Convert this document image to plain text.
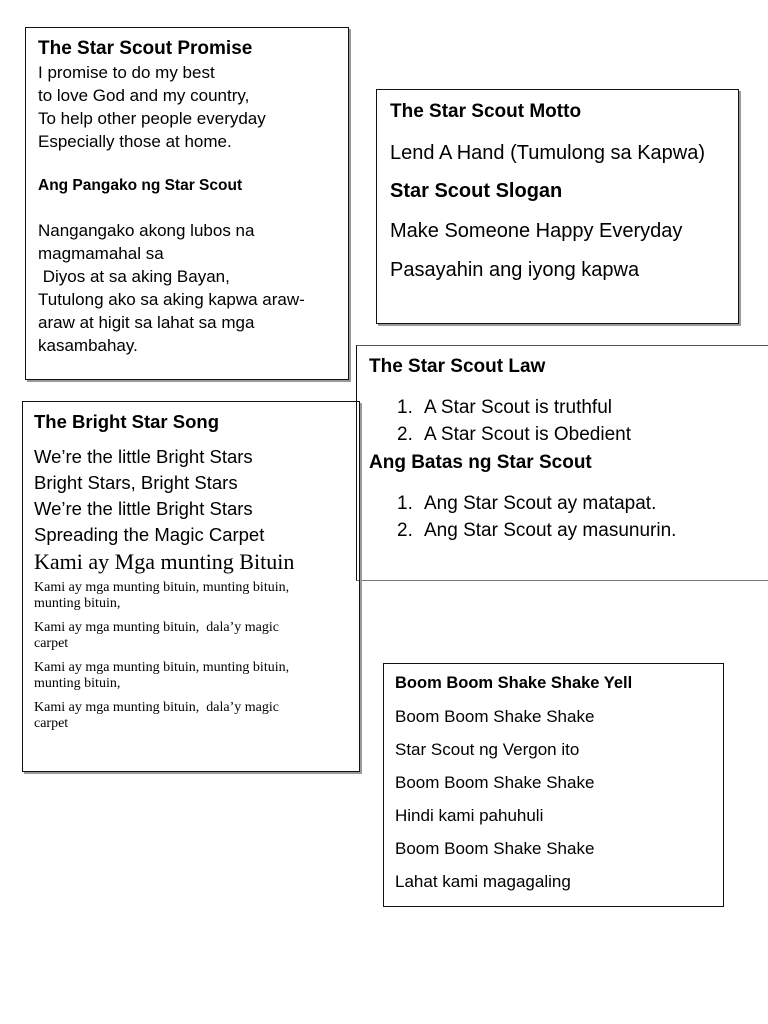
The Star Scout Promise
I promise to do my best
to love God and my country,
To help other people everyday
Especially those at home.
Ang Pangako ng Star Scout
Nangangako akong lubos na
magmamahal sa
Diyos at sa aking Bayan,
Tutulong ako sa aking kapwa araw-
araw at higit sa lahat sa mga
kasambahay.
The Star Scout Motto
Lend A Hand (Tumulong sa Kapwa)
Star Scout Slogan
Make Someone Happy Everyday
Pasayahin ang iyong kapwa
The Star Scout Law
1. A Star Scout is truthful
2. A Star Scout is Obedient
Ang Batas ng Star Scout
1. Ang Star Scout ay matapat.
2. Ang Star Scout ay masunurin.
The Bright Star Song
We’re the little Bright Stars
Bright Stars, Bright Stars
We’re the little Bright Stars
Spreading the Magic Carpet
Kami ay Mga munting Bituin
Kami ay mga munting bituin, munting bituin,
munting bituin,
Kami ay mga munting bituin,  dala’y magic
carpet
Kami ay mga munting bituin, munting bituin,
munting bituin,
Kami ay mga munting bituin,  dala’y magic
carpet
Boom Boom Shake Shake Yell
Boom Boom Shake Shake
Star Scout ng Vergon ito
Boom Boom Shake Shake
Hindi kami pahuhuli
Boom Boom Shake Shake
Lahat kami magagaling
